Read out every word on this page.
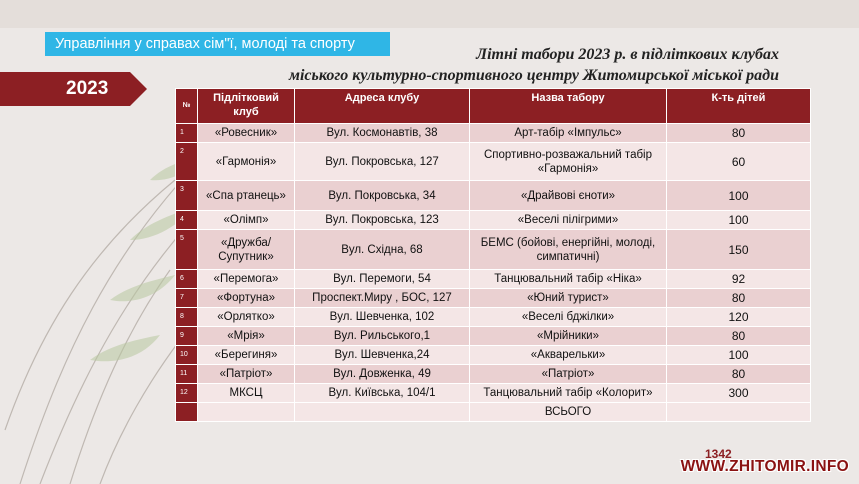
Управління у справах сім"ї, молоді та спорту
2023
Літні табори 2023 р. в підліткових клубах
міського культурно-спортивного центру Житомирської міської ради
№	Підлітковий клуб	Адреса клубу	Назва табору	К-ть дітей
1	«Ровесник»	Вул. Космонавтів, 38	Арт-табір «Імпульс»	80
2	«Гармонія»	Вул. Покровська, 127	Спортивно-розважальний табір «Гармонія»	60
3	«Спа ртанець»	Вул. Покровська, 34	«Драйвові єноти»	100
4	«Олімп»	Вул. Покровська, 123	«Веселі пілігрими»	100
5	«Дружба/ Супутник»	Вул. Східна, 68	БЕМС (бойові, енергійні, молоді, симпатичні)	150
6	«Перемога»	Вул. Перемоги, 54	Танцювальний табір «Ніка»	92
7	«Фортуна»	Проспект.Миру , БОС, 127	«Юний турист»	80
8	«Орлятко»	Вул. Шевченка, 102	«Веселі бджілки»	120
9	«Мрія»	Вул. Рильського,1	«Мрійники»	80
10	«Берегиня»	Вул. Шевченка,24	«Акварельки»	100
11	«Патріот»	Вул. Довженка, 49	«Патріот»	80
12	МКСЦ	Вул. Київська, 104/1	Танцювальний табір «Колорит»	300
			ВСЬОГО	
1342
WWW.ZHITOMIR.INFO
